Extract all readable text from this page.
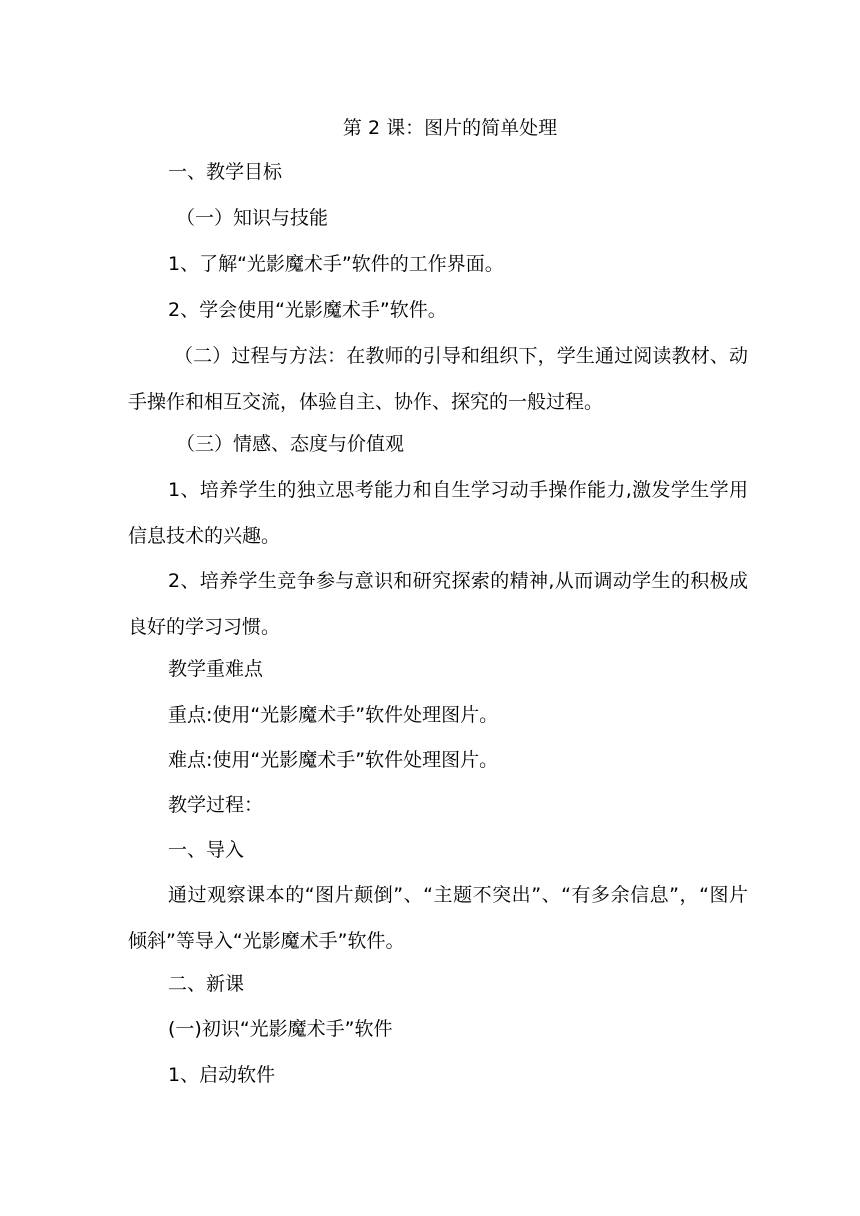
第 2 课：图片的简单处理
一、教学目标
（一）知识与技能
1、了解“光影魔术手”软件的工作界面。
2、学会使用“光影魔术手”软件。
（二）过程与方法：在教师的引导和组织下，学生通过阅读教材、动手操作和相互交流，体验自主、协作、探究的一般过程。
（三）情感、态度与价值观
1、培养学生的独立思考能力和自生学习动手操作能力,激发学生学用信息技术的兴趣。
2、培养学生竞争参与意识和研究探索的精神,从而调动学生的积极成良好的学习习惯。
教学重难点
重点:使用“光影魔术手”软件处理图片。
难点:使用“光影魔术手”软件处理图片。
教学过程：
一、导入
通过观察课本的“图片颠倒”、“主题不突出”、“有多余信息”，“图片倾斜”等导入“光影魔术手”软件。
二、新课
(一)初识“光影魔术手”软件
1、启动软件
